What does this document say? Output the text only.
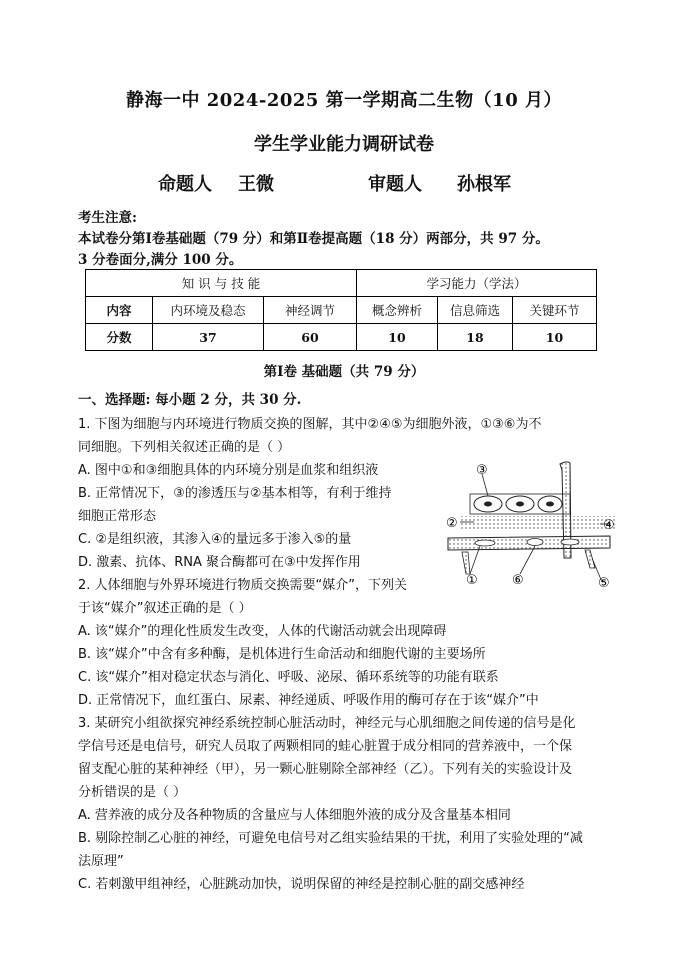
静海一中 2024-2025 第一学期高二生物（10 月）
学生学业能力调研试卷
命题人 王微	审题人 孙根军
考生注意:
本试卷分第Ⅰ卷基础题（79 分）和第Ⅱ卷提高题（18 分）两部分，共 97 分。
3 分卷面分,满分 100 分。
知 识 与 技 能			学习能力（学法）		
内容	内环境及稳态	神经调节	概念辨析	信息筛选	关键环节
分数	37	60	10	18	10
第Ⅰ卷 基础题（共 79 分）
一、选择题: 每小题 2 分，共 30 分.
1. 下图为细胞与内环境进行物质交换的图解，其中②④⑤为细胞外液，①③⑥为不
同细胞。下列相关叙述正确的是（ ）
A. 图中①和③细胞具体的内环境分别是血浆和组织液
B. 正常情况下，③的渗透压与②基本相等，有利于维持
细胞正常形态
C. ②是组织液，其渗入④的量远多于渗入⑤的量
D. 激素、抗体、RNA 聚合酶都可在③中发挥作用
2. 人体细胞与外界环境进行物质交换需要“媒介”，下列关
于该“媒介”叙述正确的是（ ）
A. 该“媒介”的理化性质发生改变，人体的代谢活动就会出现障碍
B. 该“媒介”中含有多种酶，是机体进行生命活动和细胞代谢的主要场所
C. 该“媒介”相对稳定状态与消化、呼吸、泌尿、循环系统等的功能有联系
D. 正常情况下，血红蛋白、尿素、神经递质、呼吸作用的酶可存在于该“媒介”中
3. 某研究小组欲探究神经系统控制心脏活动时，神经元与心肌细胞之间传递的信号是化
学信号还是电信号，研究人员取了两颗相同的蛙心脏置于成分相同的营养液中，一个保
留支配心脏的某种神经（甲），另一颗心脏剔除全部神经（乙）。下列有关的实验设计及
分析错误的是（ ）
A. 营养液的成分及各种物质的含量应与人体细胞外液的成分及含量基本相同
B. 剔除控制乙心脏的神经，可避免电信号对乙组实验结果的干扰，利用了实验处理的“减
法原理”
C. 若刺激甲组神经，心脏跳动加快，说明保留的神经是控制心脏的副交感神经
③
②	④
①	⑥	⑤
